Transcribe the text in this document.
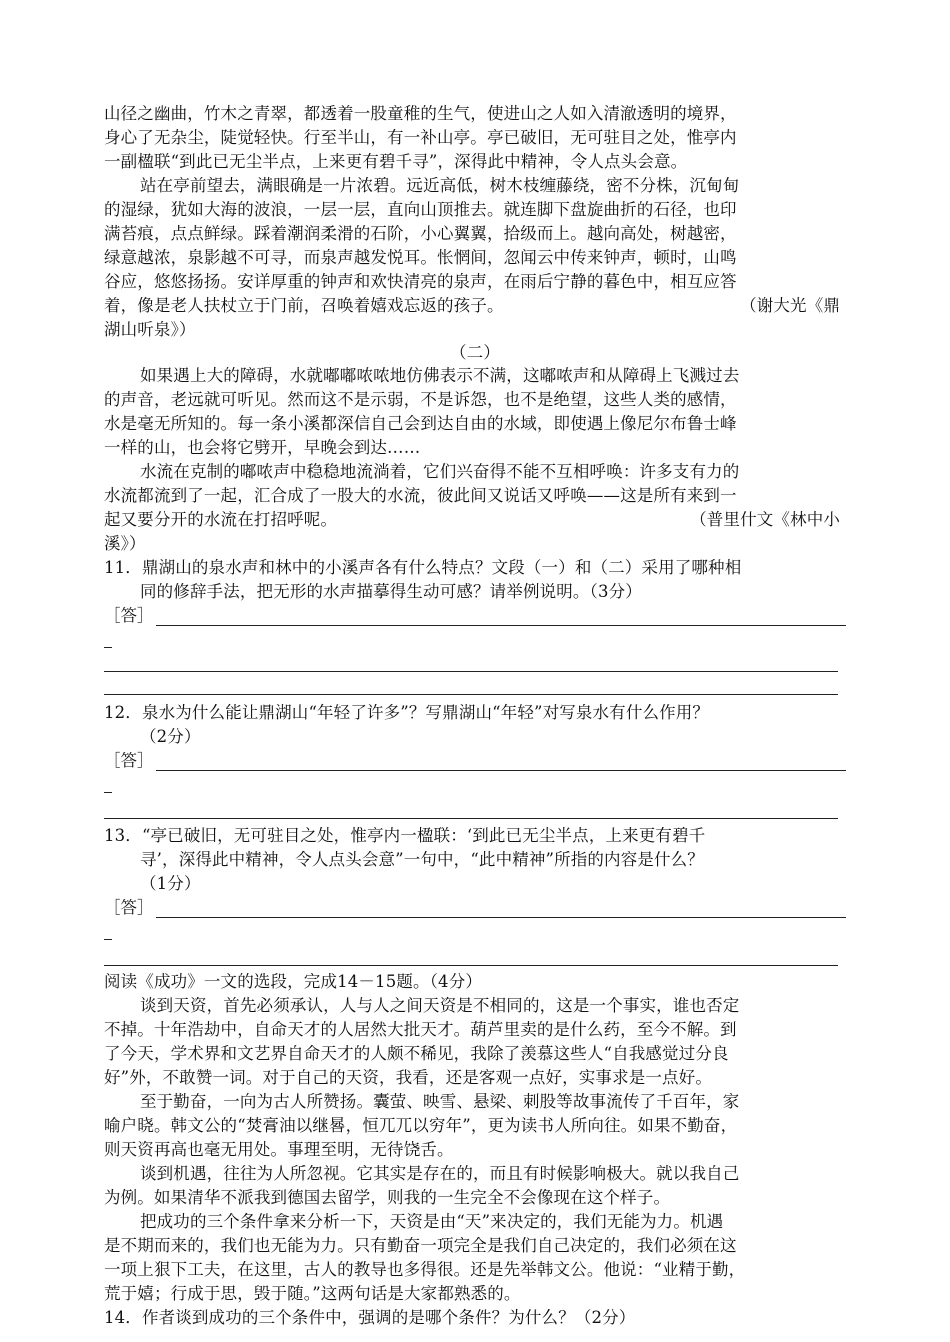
山径之幽曲，竹木之青翠，都透着一股童稚的生气，使进山之人如入清澈透明的境界，
身心了无杂尘，陡觉轻快。行至半山，有一补山亭。亭已破旧，无可驻目之处，惟亭内
一副楹联“到此已无尘半点，上来更有碧千寻”，深得此中精神，令人点头会意。
站在亭前望去，满眼确是一片浓碧。远近高低，树木枝缠藤绕，密不分株，沉甸甸
的湿绿，犹如大海的波浪，一层一层，直向山顶推去。就连脚下盘旋曲折的石径，也印
满苔痕，点点鲜绿。踩着潮润柔滑的石阶，小心翼翼，拾级而上。越向高处，树越密，
绿意越浓，泉影越不可寻，而泉声越发悦耳。怅惘间，忽闻云中传来钟声，顿时，山鸣
谷应，悠悠扬扬。安详厚重的钟声和欢快清亮的泉声，在雨后宁静的暮色中，相互应答
着，像是老人扶杖立于门前，召唤着嬉戏忘返的孩子。	（谢大光《鼎
湖山听泉》）
（二）
如果遇上大的障碍，水就嘟嘟哝哝地仿佛表示不满，这嘟哝声和从障碍上飞溅过去
的声音，老远就可听见。然而这不是示弱，不是诉怨，也不是绝望，这些人类的感情，
水是毫无所知的。每一条小溪都深信自己会到达自由的水域，即使遇上像尼尔布鲁士峰
一样的山，也会将它劈开，早晚会到达……
水流在克制的嘟哝声中稳稳地流淌着，它们兴奋得不能不互相呼唤：许多支有力的
水流都流到了一起，汇合成了一股大的水流，彼此间又说话又呼唤——这是所有来到一
起又要分开的水流在打招呼呢。	（普里什文《林中小
溪》）
11．鼎湖山的泉水声和林中的小溪声各有什么特点？文段（一）和（二）采用了哪种相
同的修辞手法，把无形的水声描摹得生动可感？请举例说明。（3分）
［答］
12．泉水为什么能让鼎湖山“年轻了许多”？写鼎湖山“年轻”对写泉水有什么作用？
（2分）
［答］
13．“亭已破旧，无可驻目之处，惟亭内一楹联：‘到此已无尘半点，上来更有碧千
寻’，深得此中精神，令人点头会意”一句中，“此中精神”所指的内容是什么？
（1分）
［答］
阅读《成功》一文的选段，完成14－15题。（4分）
谈到天资，首先必须承认，人与人之间天资是不相同的，这是一个事实，谁也否定
不掉。十年浩劫中，自命天才的人居然大批天才。葫芦里卖的是什么药，至今不解。到
了今天，学术界和文艺界自命天才的人颇不稀见，我除了羡慕这些人“自我感觉过分良
好”外，不敢赞一词。对于自己的天资，我看，还是客观一点好，实事求是一点好。
至于勤奋，一向为古人所赞扬。囊萤、映雪、悬梁、刺股等故事流传了千百年，家
喻户晓。韩文公的“焚膏油以继晷，恒兀兀以穷年”，更为读书人所向往。如果不勤奋，
则天资再高也毫无用处。事理至明，无待饶舌。
谈到机遇，往往为人所忽视。它其实是存在的，而且有时候影响极大。就以我自己
为例。如果清华不派我到德国去留学，则我的一生完全不会像现在这个样子。
把成功的三个条件拿来分析一下，天资是由“天”来决定的，我们无能为力。机遇
是不期而来的，我们也无能为力。只有勤奋一项完全是我们自己决定的，我们必须在这
一项上狠下工夫，在这里，古人的教导也多得很。还是先举韩文公。他说：“业精于勤，
荒于嬉；行成于思，毁于随。”这两句话是大家都熟悉的。
14．作者谈到成功的三个条件中，强调的是哪个条件？为什么？（2分）
